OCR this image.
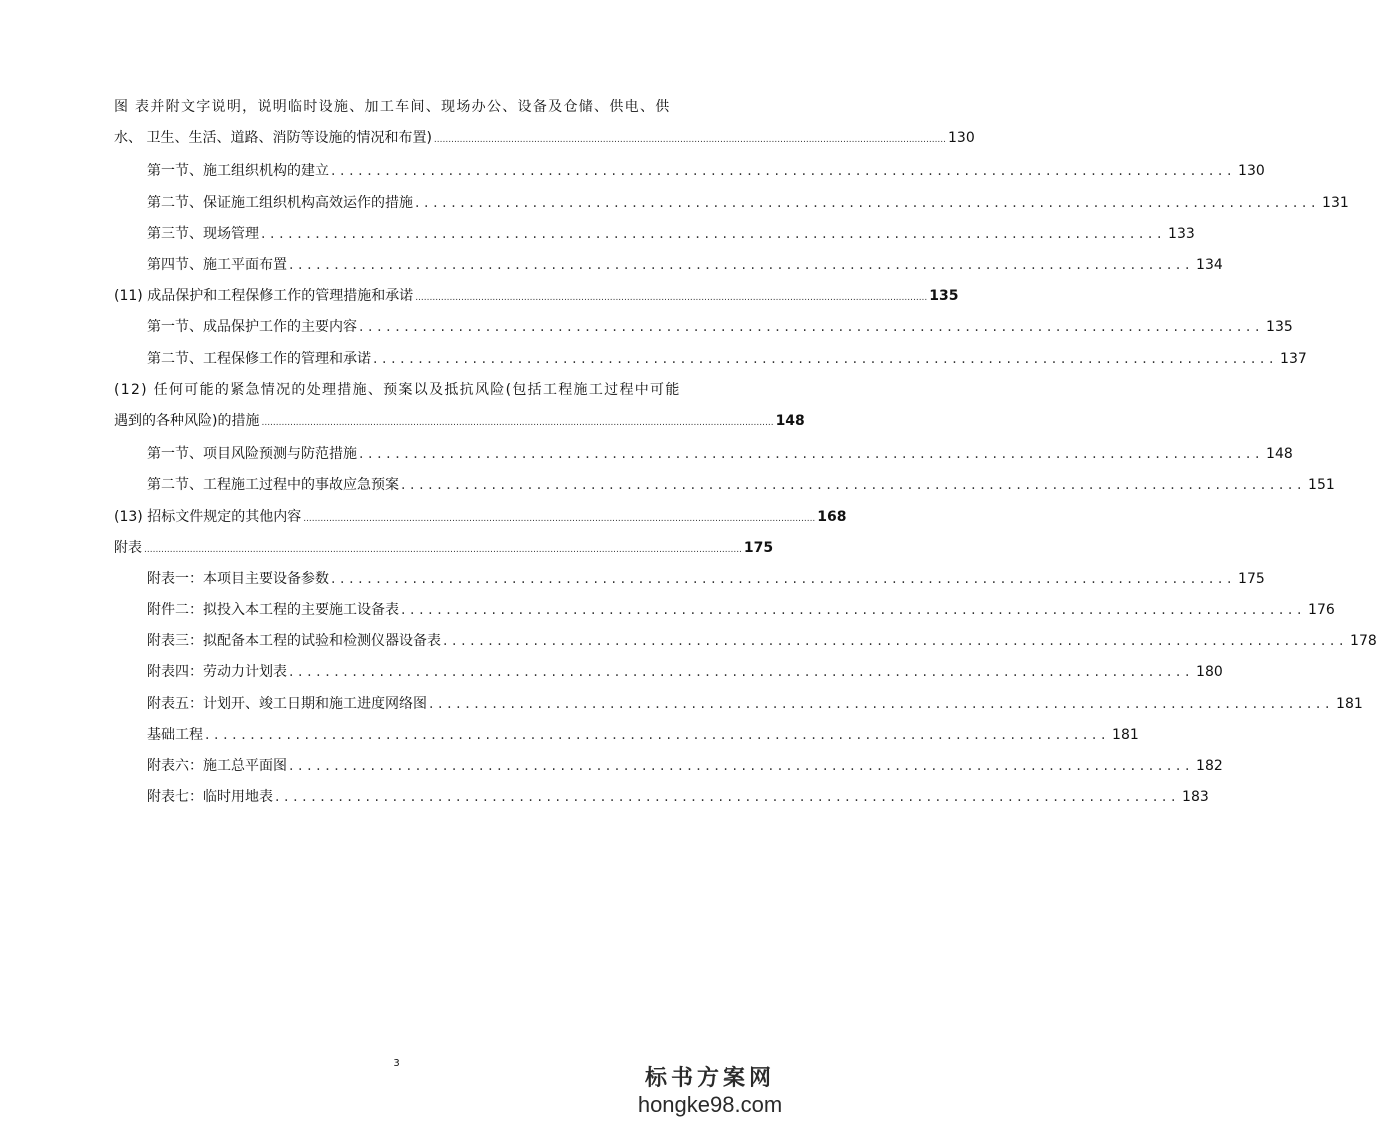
图 表并附文字说明，说明临时设施、加工车间、现场办公、设备及仓储、供电、供
水、 卫生、生活、道路、消防等设施的情况和布置) ................................................................................................................................................................................... 130
第一节、施工组织机构的建立 .................................................................................................... 130
第二节、保证施工组织机构高效运作的措施 .................................................................................................... 131
第三节、现场管理 .................................................................................................... 133
第四节、施工平面布置 .................................................................................................... 134
(11) 成品保护和工程保修工作的管理措施和承诺 ................................................................................................................................................................................... 135
第一节、成品保护工作的主要内容 .................................................................................................... 135
第二节、工程保修工作的管理和承诺 .................................................................................................... 137
(12) 任何可能的紧急情况的处理措施、预案以及抵抗风险(包括工程施工过程中可能
遇到的各种风险)的措施 ................................................................................................................................................................................... 148
第一节、项目风险预测与防范措施 .................................................................................................... 148
第二节、工程施工过程中的事故应急预案 .................................................................................................... 151
(13) 招标文件规定的其他内容 ................................................................................................................................................................................... 168
附表 ................................................................................................................................................................................................................. 175
附表一：本项目主要设备参数 .................................................................................................... 175
附件二：拟投入本工程的主要施工设备表 .................................................................................................... 176
附表三：拟配备本工程的试验和检测仪器设备表 .................................................................................................... 178
附表四：劳动力计划表 .................................................................................................... 180
附表五：计划开、竣工日期和施工进度网络图 .................................................................................................... 181
基础工程 .................................................................................................... 181
附表六：施工总平面图 .................................................................................................... 182
附表七：临时用地表 .................................................................................................... 183
3
标书方案网
hongke98.com
